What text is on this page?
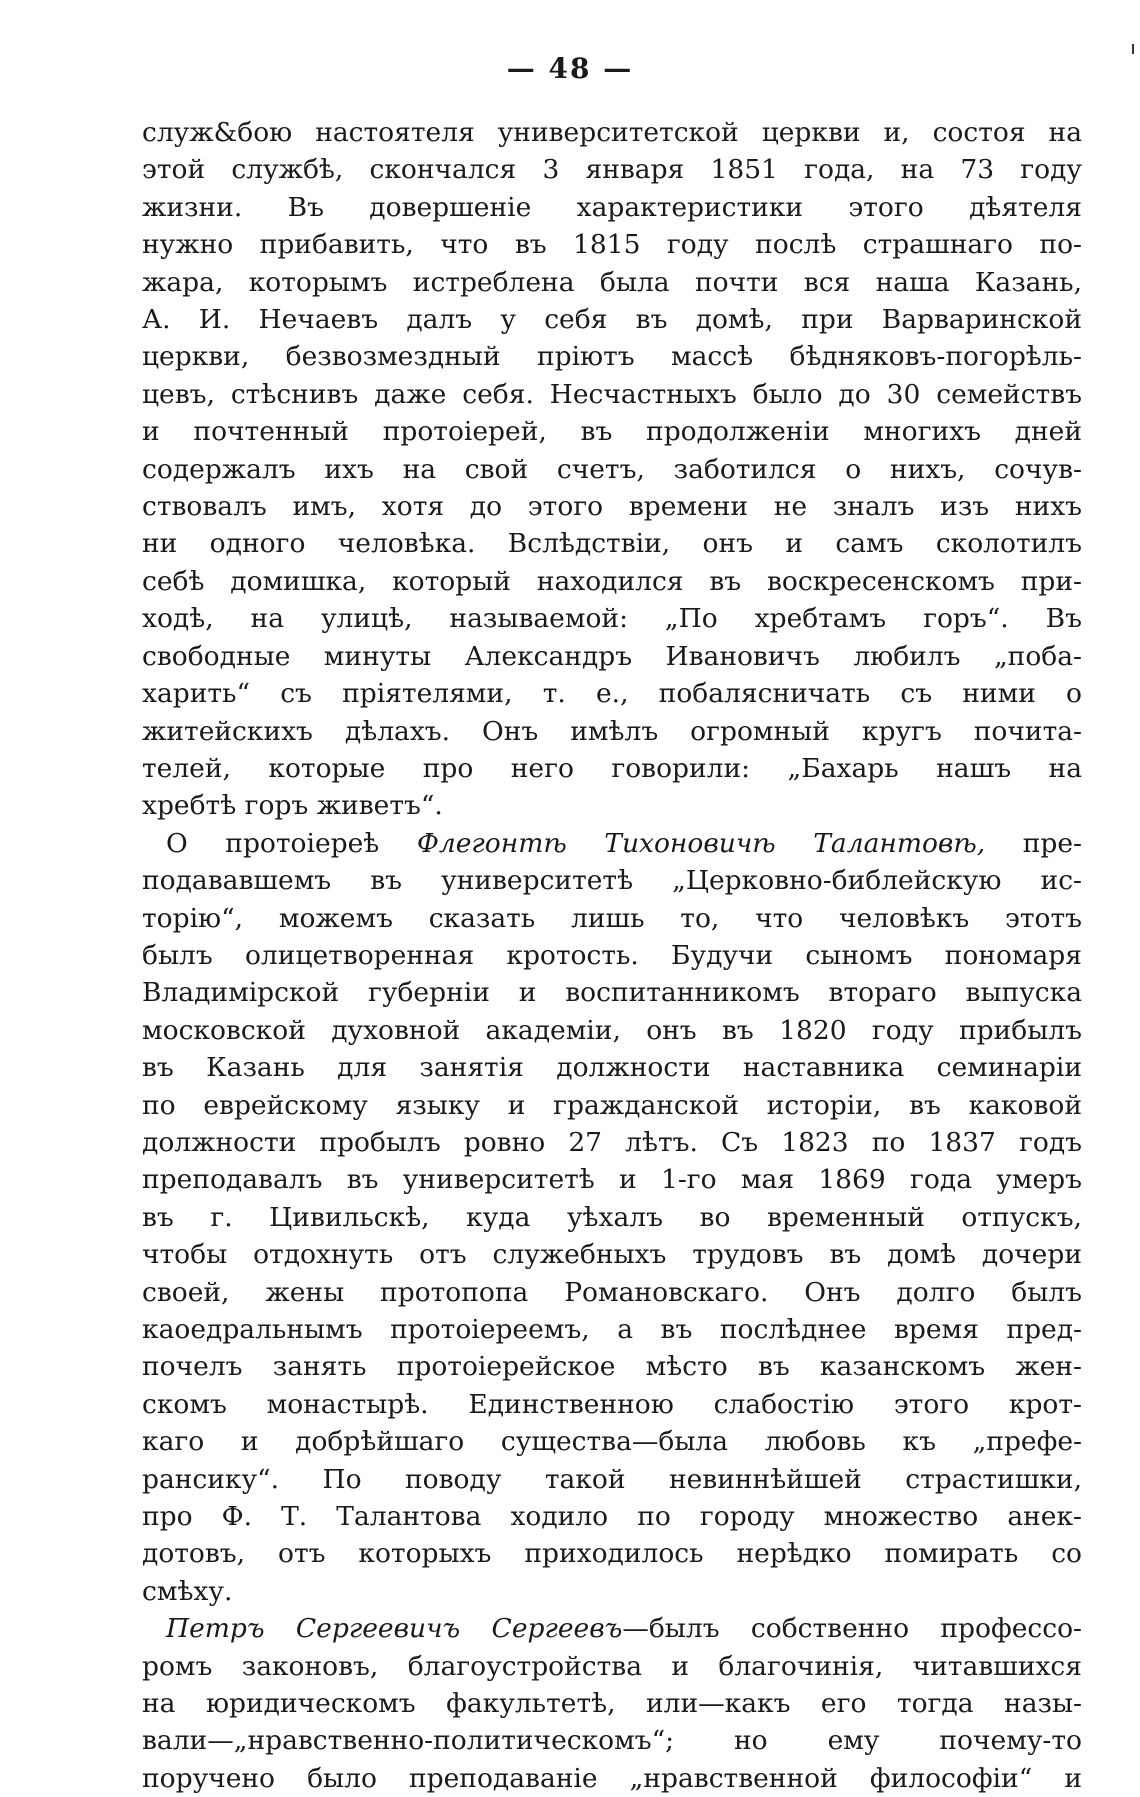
— 48 —
служ&бою настоятеля университетской церкви и, состоя на
этой службѣ, скончался 3 января 1851 года, на 73 году
жизни. Въ довершеніе характеристики этого дѣятеля
нужно прибавить, что въ 1815 году послѣ страшнаго по-
жара, которымъ истреблена была почти вся наша Казань,
А. И. Нечаевъ далъ у себя въ домѣ, при Варваринской
церкви, безвозмездный пріютъ массѣ бѣдняковъ-погорѣль-
цевъ, стѣснивъ даже себя. Несчастныхъ было до 30 семействъ
и почтенный протоіерей, въ продолженіи многихъ дней
содержалъ ихъ на свой счетъ, заботился о нихъ, сочув-
ствовалъ имъ, хотя до этого времени не зналъ изъ нихъ
ни одного человѣка. Вслѣдствіи, онъ и самъ сколотилъ
себѣ домишка, который находился въ воскресенскомъ при-
ходѣ, на улицѣ, называемой: „По хребтамъ горъ“. Въ
свободные минуты Александръ Ивановичъ любилъ „поба-
харить“ съ пріятелями, т. е., побалясничать съ ними о
житейскихъ дѣлахъ. Онъ имѣлъ огромный кругъ почита-
телей, которые про него говорили: „Бахарь нашъ на
хребтѣ горъ живетъ“.
О протоіереѣ Флегонтѣ Тихоновичѣ Талантовѣ, пре-
подававшемъ въ университетѣ „Церковно-библейскую ис-
торію“, можемъ сказать лишь то, что человѣкъ этотъ
былъ олицетворенная кротость. Будучи сыномъ пономаря
Владимірской губерніи и воспитанникомъ втораго выпуска
московской духовной академіи, онъ въ 1820 году прибылъ
въ Казань для занятія должности наставника семинаріи
по еврейскому языку и гражданской исторіи, въ каковой
должности пробылъ ровно 27 лѣтъ. Съ 1823 по 1837 годъ
преподавалъ въ университетѣ и 1-го мая 1869 года умеръ
въ г. Цивильскѣ, куда уѣхалъ во временный отпускъ,
чтобы отдохнуть отъ служебныхъ трудовъ въ домѣ дочери
своей, жены протопопа Романовскаго. Онъ долго былъ
каоедральнымъ протоіереемъ, а въ послѣднее время пред-
почелъ занять протоіерейское мѣсто въ казанскомъ жен-
скомъ монастырѣ. Единственною слабостію этого крот-
каго и добрѣйшаго существа—была любовь къ „префе-
рансику“. По поводу такой невиннѣйшей страстишки,
про Ф. Т. Талантова ходило по городу множество анек-
дотовъ, отъ которыхъ приходилось нерѣдко помирать со
смѣху.
Петръ Сергеевичъ Сергеевъ—былъ собственно профессо-
ромъ законовъ, благоустройства и благочинія, читавшихся
на юридическомъ факультетѣ, или—какъ его тогда назы-
вали—„нравственно-политическомъ“; но ему почему-то
поручено было преподаваніе „нравственной философіи“ и
